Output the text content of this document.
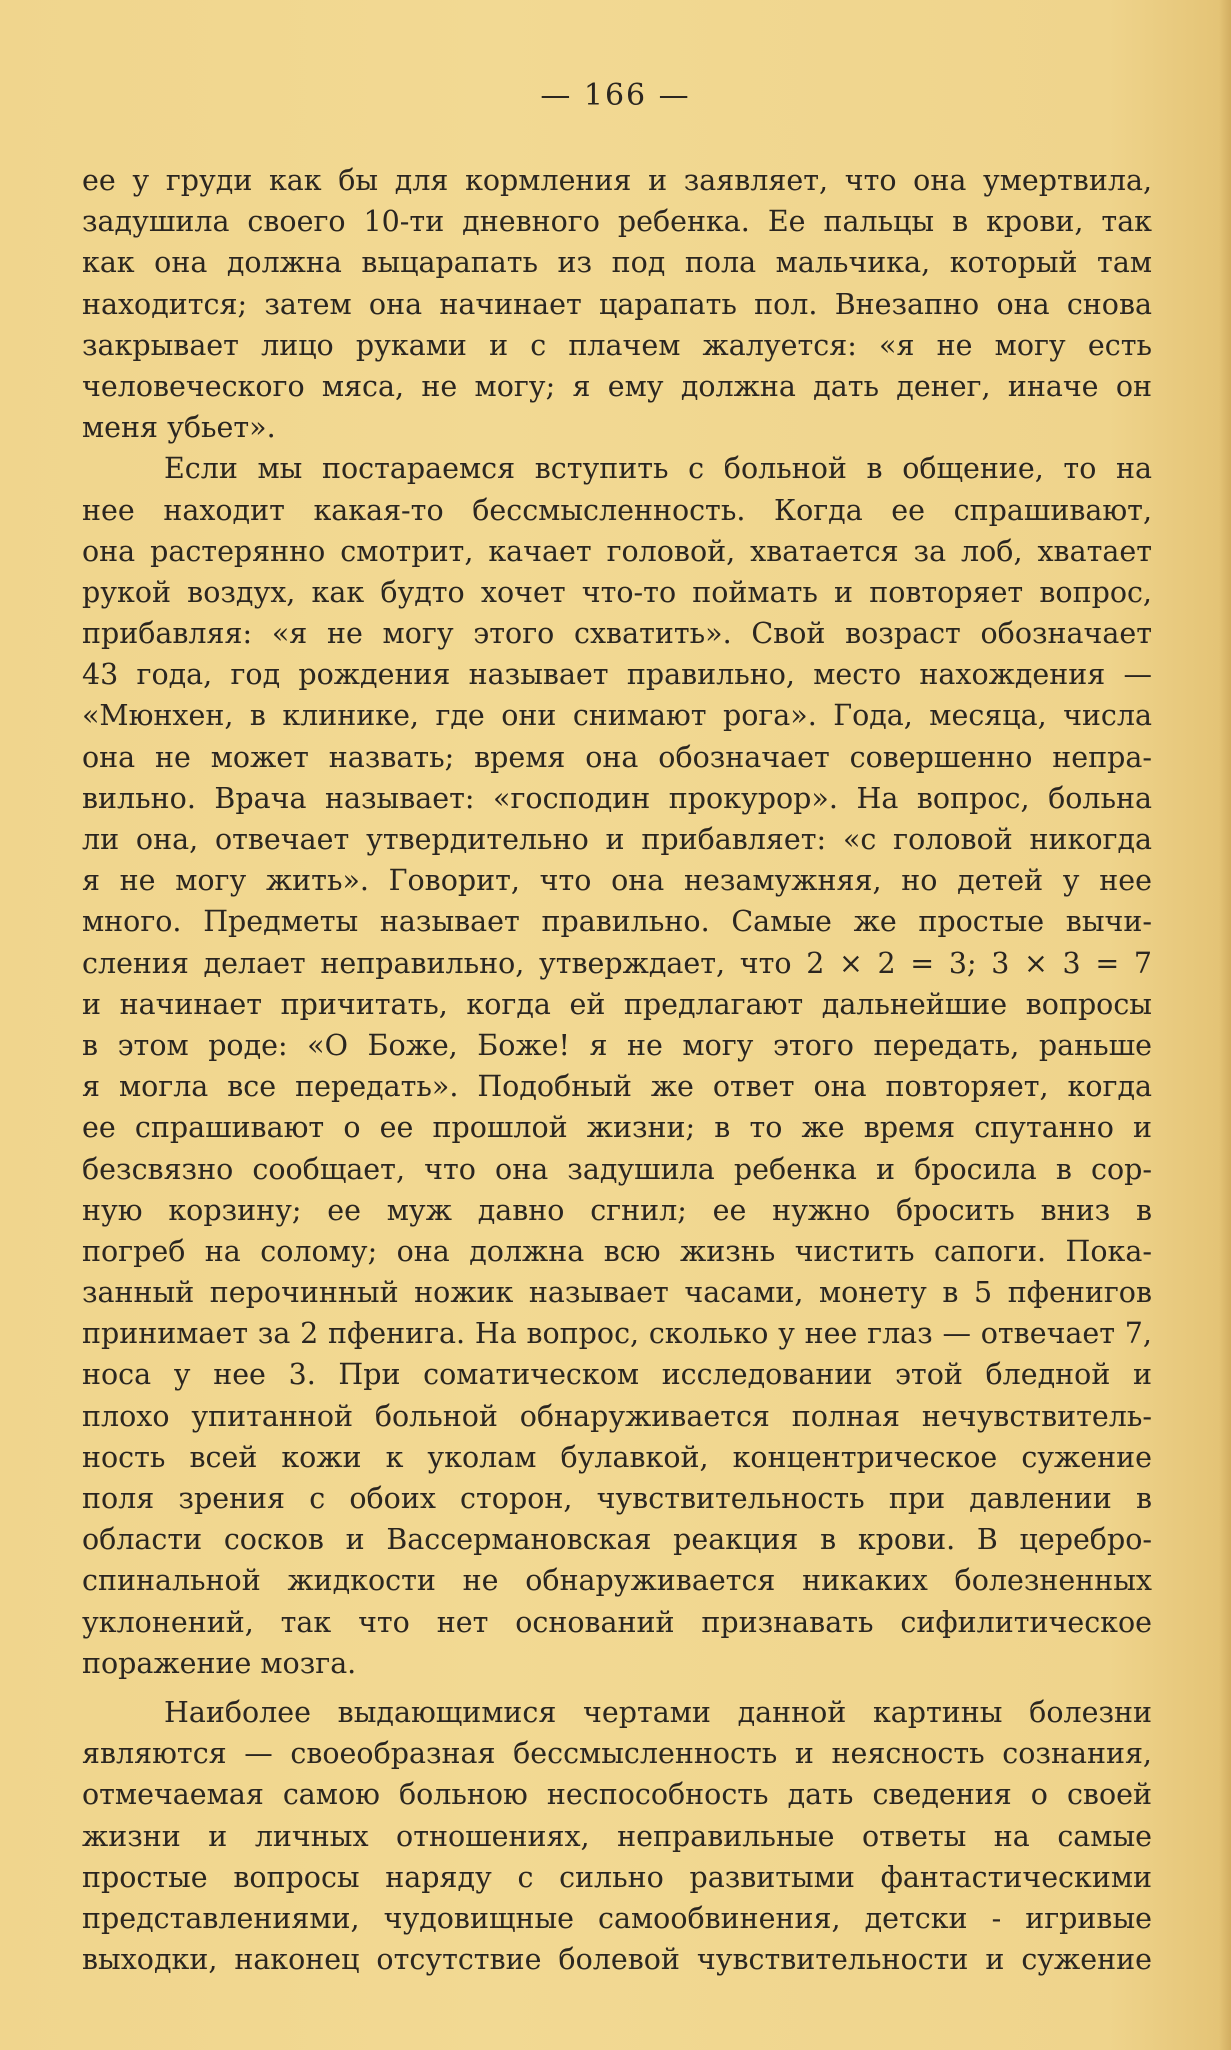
— 166 —
ее у груди как бы для кормления и заявляет, что она умертвила,
задушила своего 10-ти дневного ребенка. Ее пальцы в крови, так
как она должна выцарапать из под пола мальчика, который там
находится; затем она начинает царапать пол. Внезапно она снова
закрывает лицо руками и с плачем жалуется: «я не могу есть
человеческого мяса, не могу; я ему должна дать денег, иначе он
меня убьет».
Если мы постараемся вступить с больной в общение, то на
нее находит какая-то бессмысленность. Когда ее спрашивают,
она растерянно смотрит, качает головой, хватается за лоб, хватает
рукой воздух, как будто хочет что-то поймать и повторяет вопрос,
прибавляя: «я не могу этого схватить». Свой возраст обозначает
43 года, год рождения называет правильно, место нахождения —
«Мюнхен, в клинике, где они снимают рога». Года, месяца, числа
она не может назвать; время она обозначает совершенно непра-
вильно. Врача называет: «господин прокурор». На вопрос, больна
ли она, отвечает утвердительно и прибавляет: «с головой никогда
я не могу жить». Говорит, что она незамужняя, но детей у нее
много. Предметы называет правильно. Самые же простые вычи-
сления делает неправильно, утверждает, что 2 × 2 = 3; 3 × 3 = 7
и начинает причитать, когда ей предлагают дальнейшие вопросы
в этом роде: «О Боже, Боже! я не могу этого передать, раньше
я могла все передать». Подобный же ответ она повторяет, когда
ее спрашивают о ее прошлой жизни; в то же время спутанно и
безсвязно сообщает, что она задушила ребенка и бросила в сор-
ную корзину; ее муж давно сгнил; ее нужно бросить вниз в
погреб на солому; она должна всю жизнь чистить сапоги. Пока-
занный перочинный ножик называет часами, монету в 5 пфенигов
принимает за 2 пфенига. На вопрос, сколько у нее глаз — отвечает 7,
носа у нее 3. При соматическом исследовании этой бледной и
плохо упитанной больной обнаруживается полная нечувствитель-
ность всей кожи к уколам булавкой, концентрическое сужение
поля зрения с обоих сторон, чувствительность при давлении в
области сосков и Вассермановская реакция в крови. В церебро-
спинальной жидкости не обнаруживается никаких болезненных
уклонений, так что нет оснований признавать сифилитическое
поражение мозга.
Наиболее выдающимися чертами данной картины болезни
являются — своеобразная бессмысленность и неясность сознания,
отмечаемая самою больною неспособность дать сведения о своей
жизни и личных отношениях, неправильные ответы на самые
простые вопросы наряду с сильно развитыми фантастическими
представлениями, чудовищные самообвинения, детски - игривые
выходки, наконец отсутствие болевой чувствительности и сужение
